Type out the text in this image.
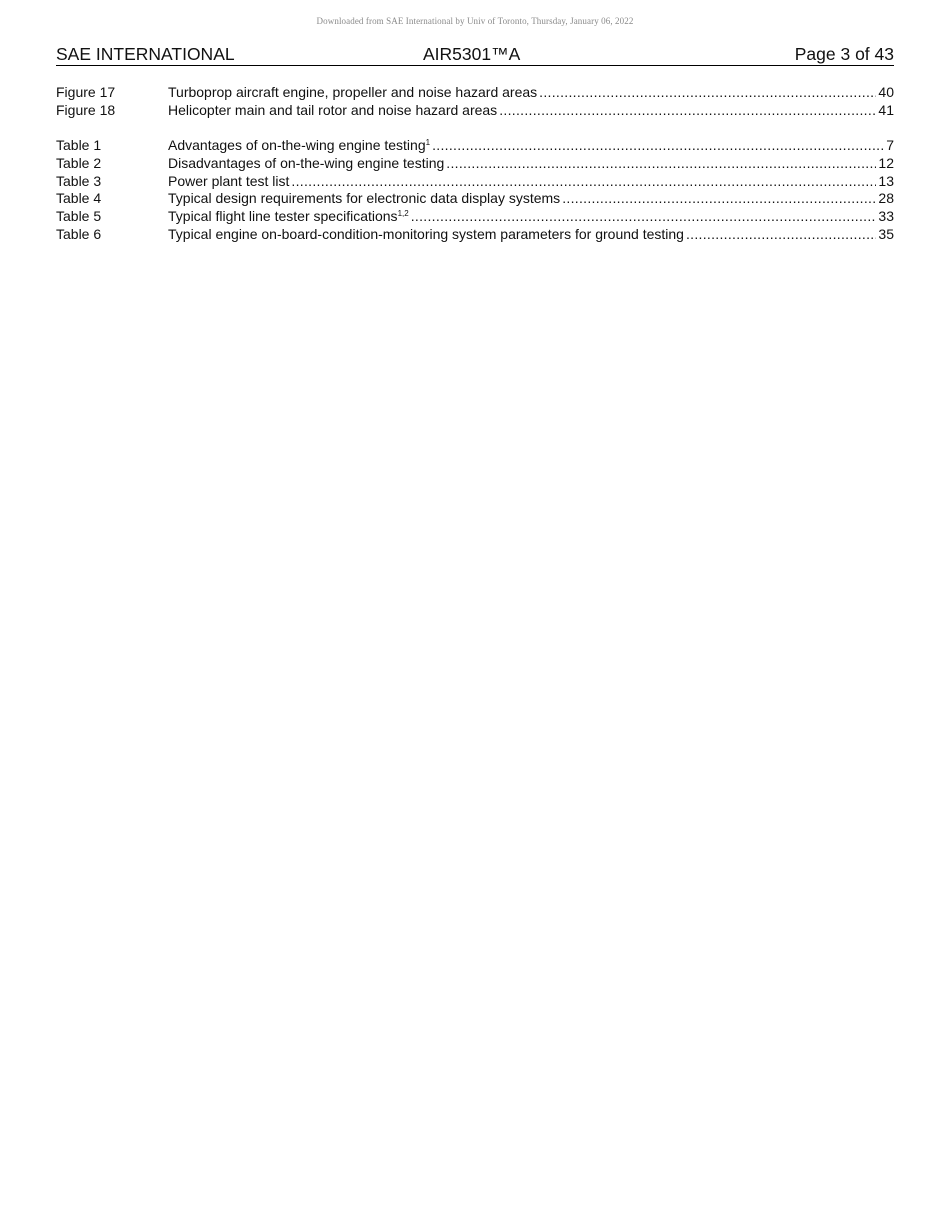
Downloaded from SAE International by Univ of Toronto, Thursday, January 06, 2022
SAE INTERNATIONAL	AIR5301™A	Page 3 of 43
Figure 17	Turboprop aircraft engine, propeller and noise hazard areas .....	40
Figure 18	Helicopter main and tail rotor and noise hazard areas .....	41
Table 1	Advantages of on-the-wing engine testing$^1$ .....	7
Table 2	Disadvantages of on-the-wing engine testing .....	12
Table 3	Power plant test list .....	13
Table 4	Typical design requirements for electronic data display systems .....	28
Table 5	Typical flight line tester specifications$^{1,2}$ .....	33
Table 6	Typical engine on-board-condition-monitoring system parameters for ground testing .....	35
